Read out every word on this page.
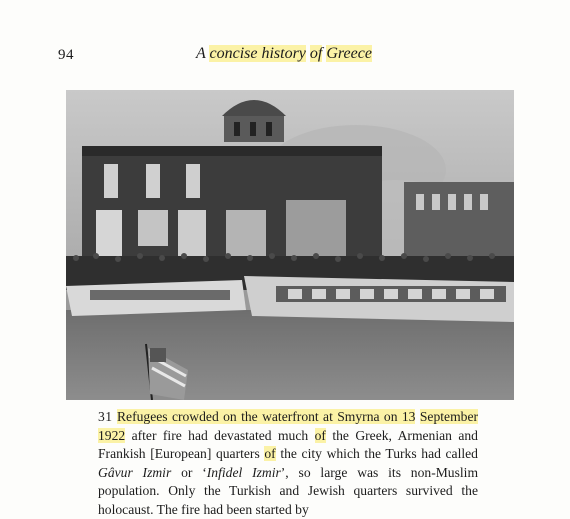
94	A concise history of Greece

31 Refugees crowded on the waterfront at Smyrna on 13 September 1922 after fire had devastated much of the Greek, Armenian and Frankish [European] quarters of the city which the Turks had called Gâvur Izmir or ‘Infidel Izmir’, so large was its non-Muslim population. Only the Turkish and Jewish quarters survived the holocaust. The fire had been started by
